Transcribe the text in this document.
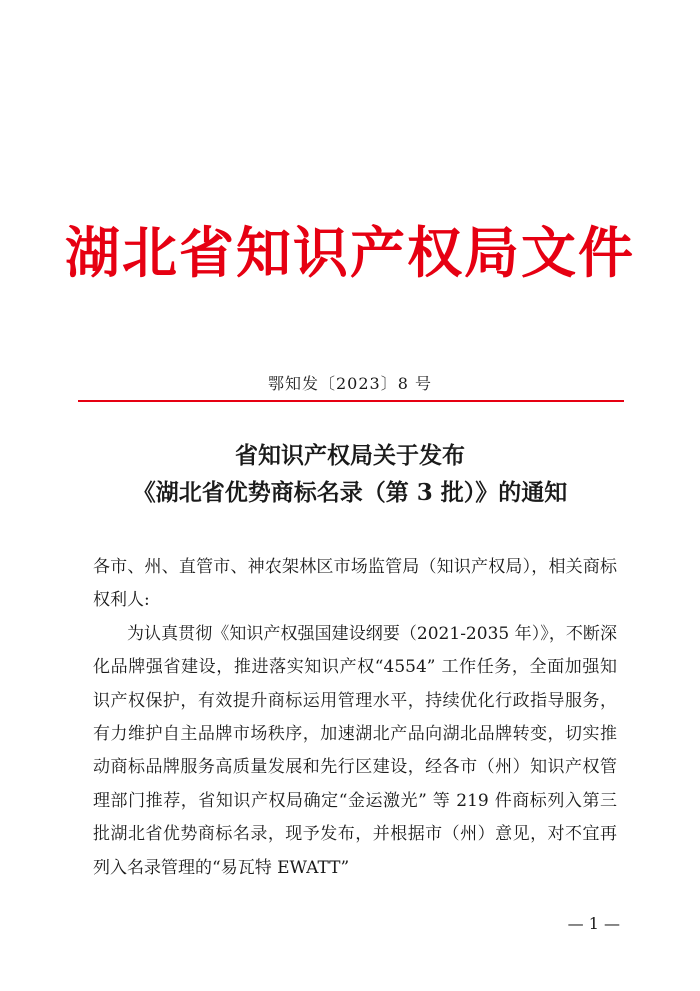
湖北省知识产权局文件
鄂知发〔2023〕8 号
省知识产权局关于发布
《湖北省优势商标名录（第 3 批）》的通知

各市、州、直管市、神农架林区市场监管局（知识产权局），相关商标权利人:

为认真贯彻《知识产权强国建设纲要（2021-2035 年）》，不断深化品牌强省建设，推进落实知识产权“4554” 工作任务，全面加强知识产权保护，有效提升商标运用管理水平，持续优化行政指导服务，有力维护自主品牌市场秩序，加速湖北产品向湖北品牌转变，切实推动商标品牌服务高质量发展和先行区建设，经各市（州）知识产权管理部门推荐，省知识产权局确定“金运激光” 等 219 件商标列入第三批湖北省优势商标名录，现予发布，并根据市（州）意见，对不宜再列入名录管理的“易瓦特 EWATT”

— 1 —
